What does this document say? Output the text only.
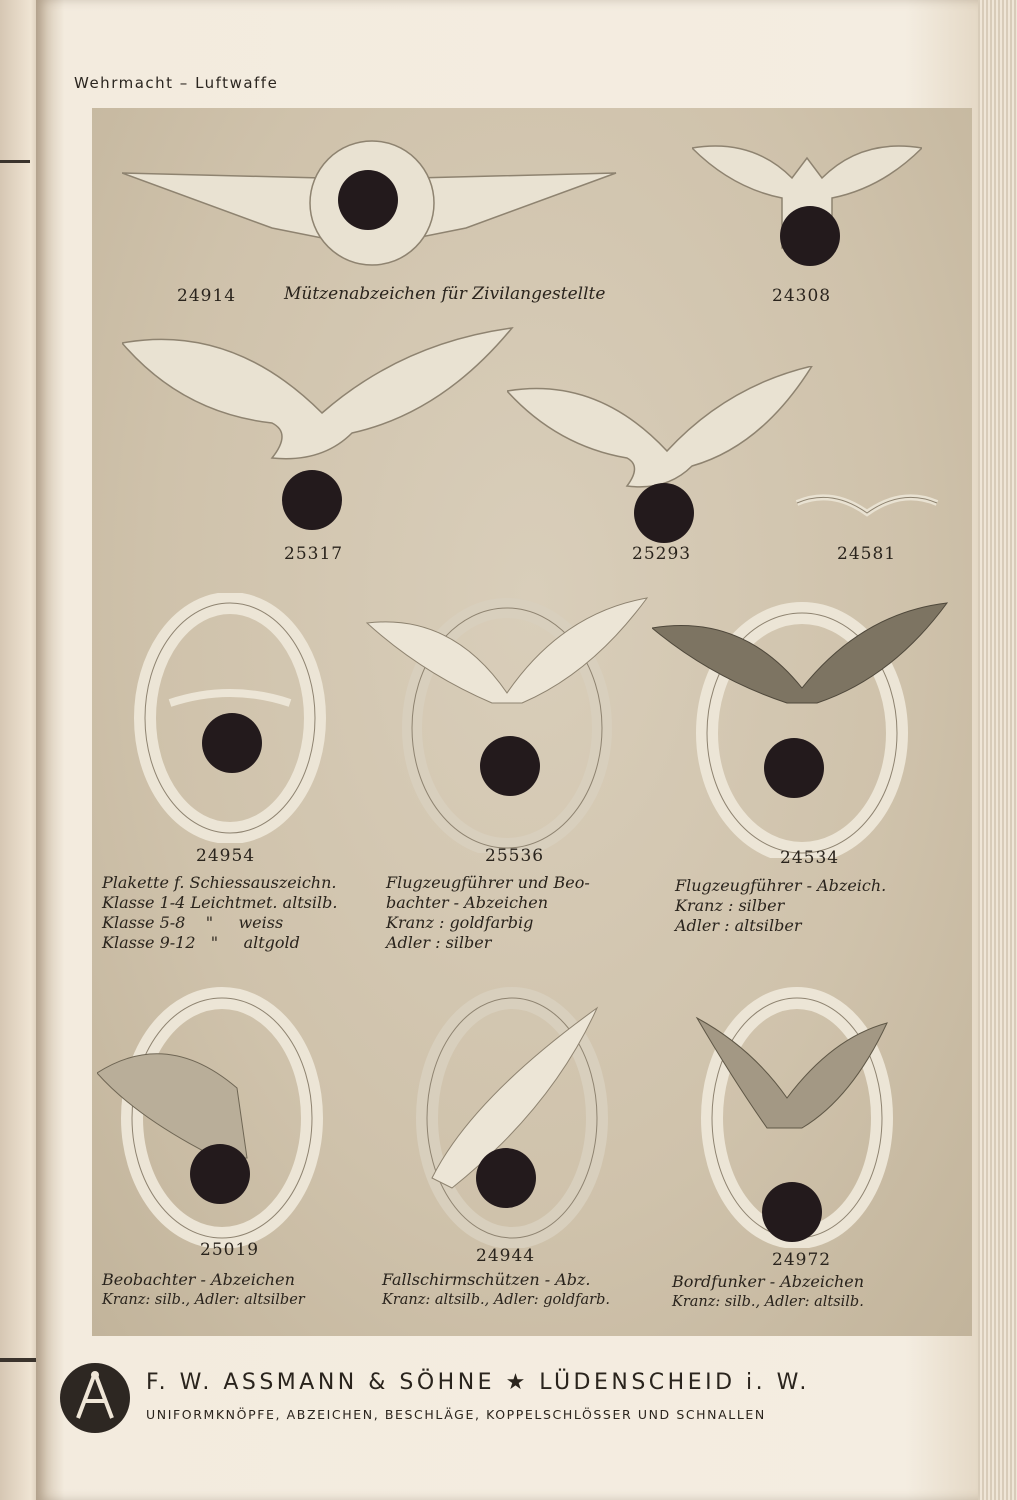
Wehrmacht – Luftwaffe
24914	Mützenabzeichen für Zivilangestellte	24308
25317	25293	24581
24954	25536	24534
Plakette f. Schiessauszeichn.
Klasse 1-4 Leichtmet. altsilb.
Klasse 5-8    "     weiss
Klasse 9-12   "     altgold
Flugzeugführer und Beo-
bachter - Abzeichen
Kranz : goldfarbig
Adler : silber
Flugzeugführer - Abzeich.
Kranz : silber
Adler : altsilber
25019	24944	24972
Beobachter - Abzeichen
Kranz: silb., Adler: altsilber
Fallschirmschützen - Abz.
Kranz: altsilb., Adler: goldfarb.
Bordfunker - Abzeichen
Kranz: silb., Adler: altsilb.
F. W. ASSMANN & SÖHNE ★ LÜDENSCHEID i. W.
UNIFORMKNÖPFE, ABZEICHEN, BESCHLÄGE, KOPPELSCHLÖSSER UND SCHNALLEN
